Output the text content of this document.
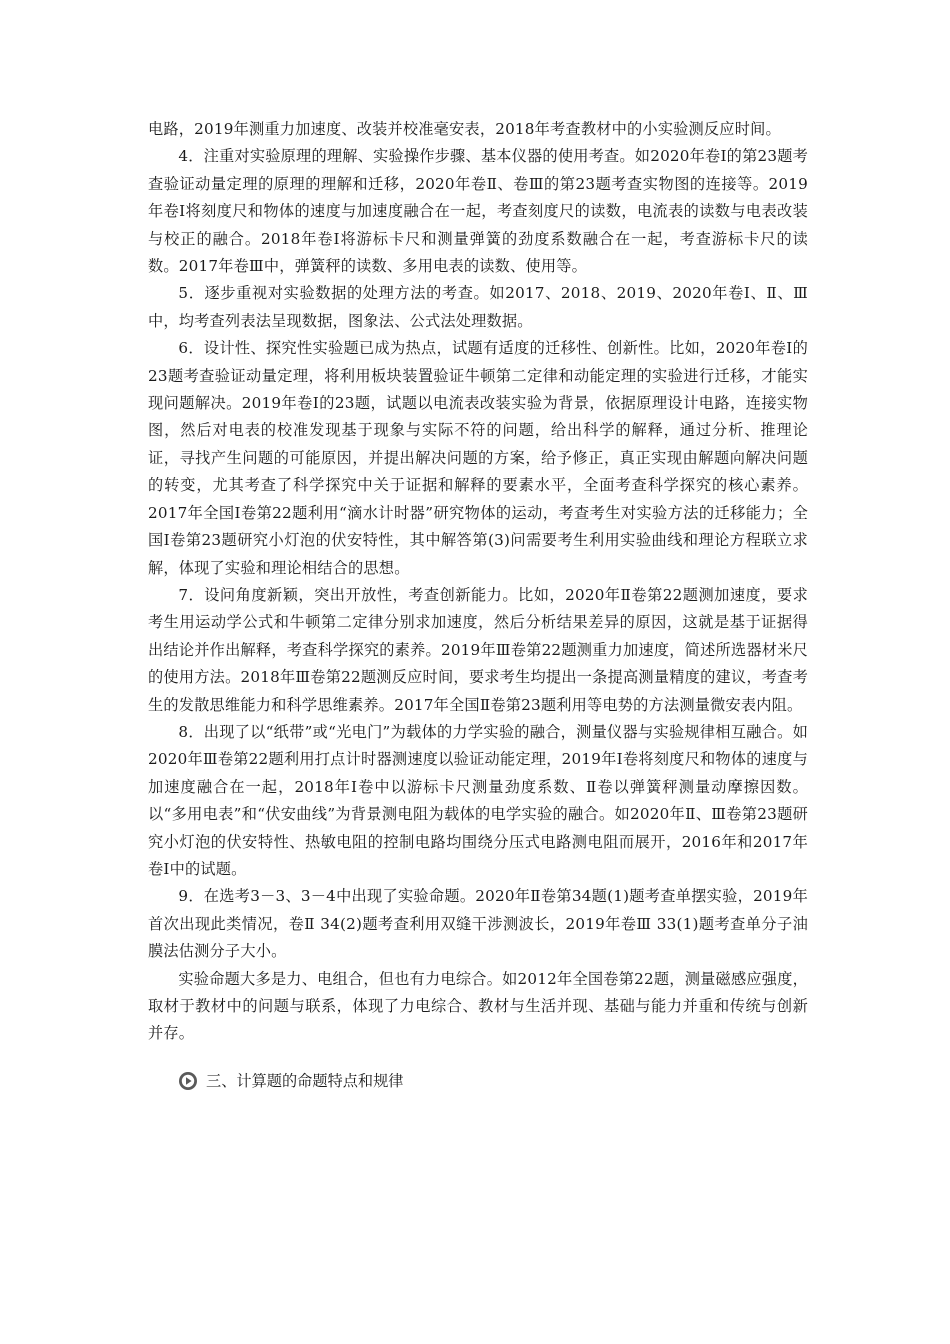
电路，2019年测重力加速度、改装并校准毫安表，2018年考查教材中的小实验测反应时间。

4．注重对实验原理的理解、实验操作步骤、基本仪器的使用考查。如2020年卷Ⅰ的第23题考查验证动量定理的原理的理解和迁移，2020年卷Ⅱ、卷Ⅲ的第23题考查实物图的连接等。2019年卷Ⅰ将刻度尺和物体的速度与加速度融合在一起，考查刻度尺的读数，电流表的读数与电表改装与校正的融合。2018年卷Ⅰ将游标卡尺和测量弹簧的劲度系数融合在一起，考查游标卡尺的读数。2017年卷Ⅲ中，弹簧秤的读数、多用电表的读数、使用等。

5．逐步重视对实验数据的处理方法的考查。如2017、2018、2019、2020年卷Ⅰ、Ⅱ、Ⅲ中，均考查列表法呈现数据，图象法、公式法处理数据。

6．设计性、探究性实验题已成为热点，试题有适度的迁移性、创新性。比如，2020年卷Ⅰ的23题考查验证动量定理，将利用板块装置验证牛顿第二定律和动能定理的实验进行迁移，才能实现问题解决。2019年卷Ⅰ的23题，试题以电流表改装实验为背景，依据原理设计电路，连接实物图，然后对电表的校准发现基于现象与实际不符的问题，给出科学的解释，通过分析、推理论证，寻找产生问题的可能原因，并提出解决问题的方案，给予修正，真正实现由解题向解决问题的转变，尤其考查了科学探究中关于证据和解释的要素水平，全面考查科学探究的核心素养。2017年全国Ⅰ卷第22题利用“滴水计时器”研究物体的运动，考查考生对实验方法的迁移能力；全国Ⅰ卷第23题研究小灯泡的伏安特性，其中解答第(3)问需要考生利用实验曲线和理论方程联立求解，体现了实验和理论相结合的思想。

7．设问角度新颖，突出开放性，考查创新能力。比如，2020年Ⅱ卷第22题测加速度，要求考生用运动学公式和牛顿第二定律分别求加速度，然后分析结果差异的原因，这就是基于证据得出结论并作出解释，考查科学探究的素养。2019年Ⅲ卷第22题测重力加速度，简述所选器材米尺的使用方法。2018年Ⅲ卷第22题测反应时间，要求考生均提出一条提高测量精度的建议，考查考生的发散思维能力和科学思维素养。2017年全国Ⅱ卷第23题利用等电势的方法测量微安表内阻。

8．出现了以“纸带”或“光电门”为载体的力学实验的融合，测量仪器与实验规律相互融合。如2020年Ⅲ卷第22题利用打点计时器测速度以验证动能定理，2019年Ⅰ卷将刻度尺和物体的速度与加速度融合在一起，2018年Ⅰ卷中以游标卡尺测量劲度系数、Ⅱ卷以弹簧秤测量动摩擦因数。以“多用电表”和“伏安曲线”为背景测电阻为载体的电学实验的融合。如2020年Ⅱ、Ⅲ卷第23题研究小灯泡的伏安特性、热敏电阻的控制电路均围绕分压式电路测电阻而展开，2016年和2017年卷Ⅰ中的试题。

9．在选考3－3、3－4中出现了实验命题。2020年Ⅱ卷第34题(1)题考查单摆实验，2019年首次出现此类情况，卷Ⅱ 34(2)题考查利用双缝干涉测波长，2019年卷Ⅲ 33(1)题考查单分子油膜法估测分子大小。

实验命题大多是力、电组合，但也有力电综合。如2012年全国卷第22题，测量磁感应强度，取材于教材中的问题与联系，体现了力电综合、教材与生活并现、基础与能力并重和传统与创新并存。

三、计算题的命题特点和规律
